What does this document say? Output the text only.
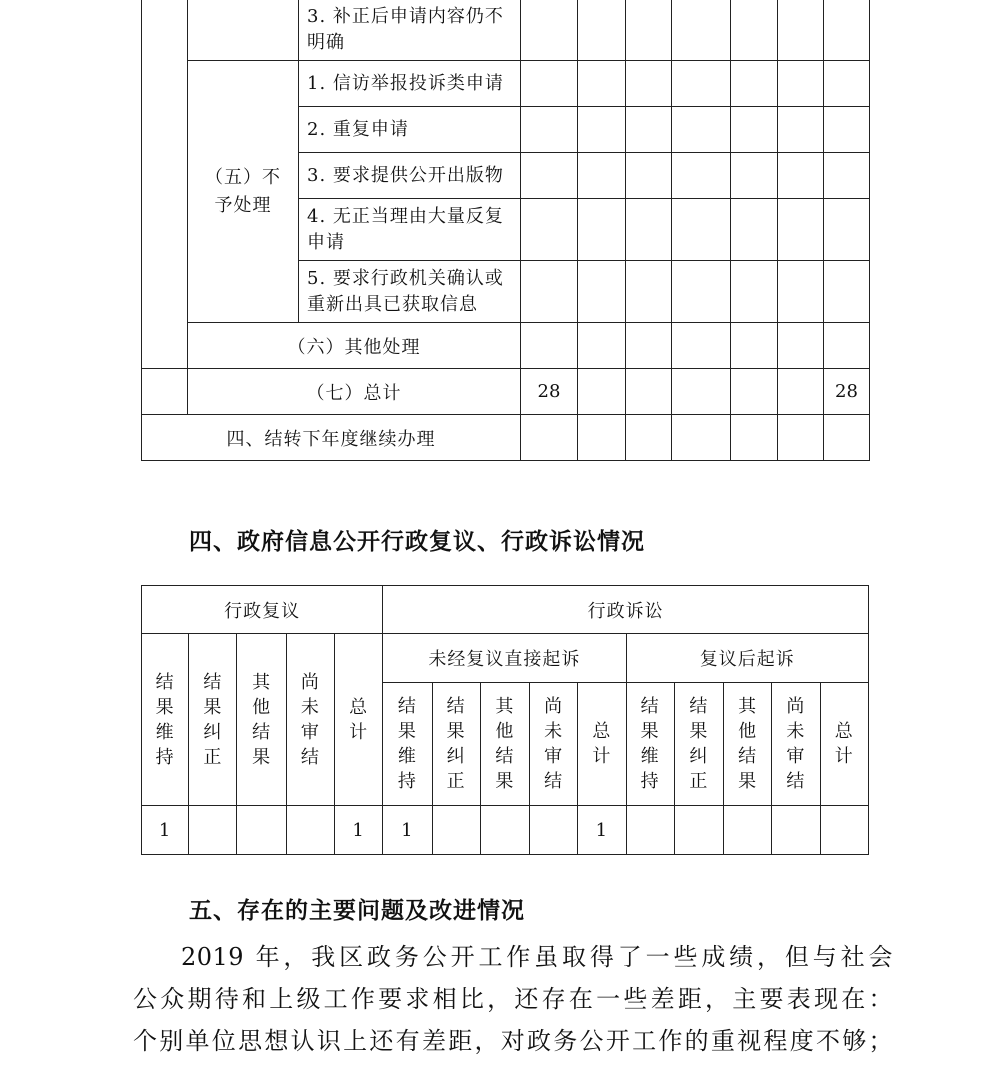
		3. 补正后申请内容仍不明确							
	（五）不予处理	1. 信访举报投诉类申请							
		2. 重复申请							
		3. 要求提供公开出版物							
		4. 无正当理由大量反复申请							
		5. 要求行政机关确认或重新出具已获取信息							
	（六）其他处理								
	（七）总计		28						28
四、结转下年度继续办理									
四、政府信息公开行政复议、行政诉讼情况
行政复议					行政诉讼									
结果维持	结果纠正	其他结果	尚未审结	总计	未经复议直接起诉					复议后起诉				
					结果维持	结果纠正	其他结果	尚未审结	总计	结果维持	结果纠正	其他结果	尚未审结	总计
1				1	1				1					
五、存在的主要问题及改进情况
2019 年，我区政务公开工作虽取得了一些成绩，但与社会
公众期待和上级工作要求相比，还存在一些差距，主要表现在：
个别单位思想认识上还有差距，对政务公开工作的重视程度不够；
